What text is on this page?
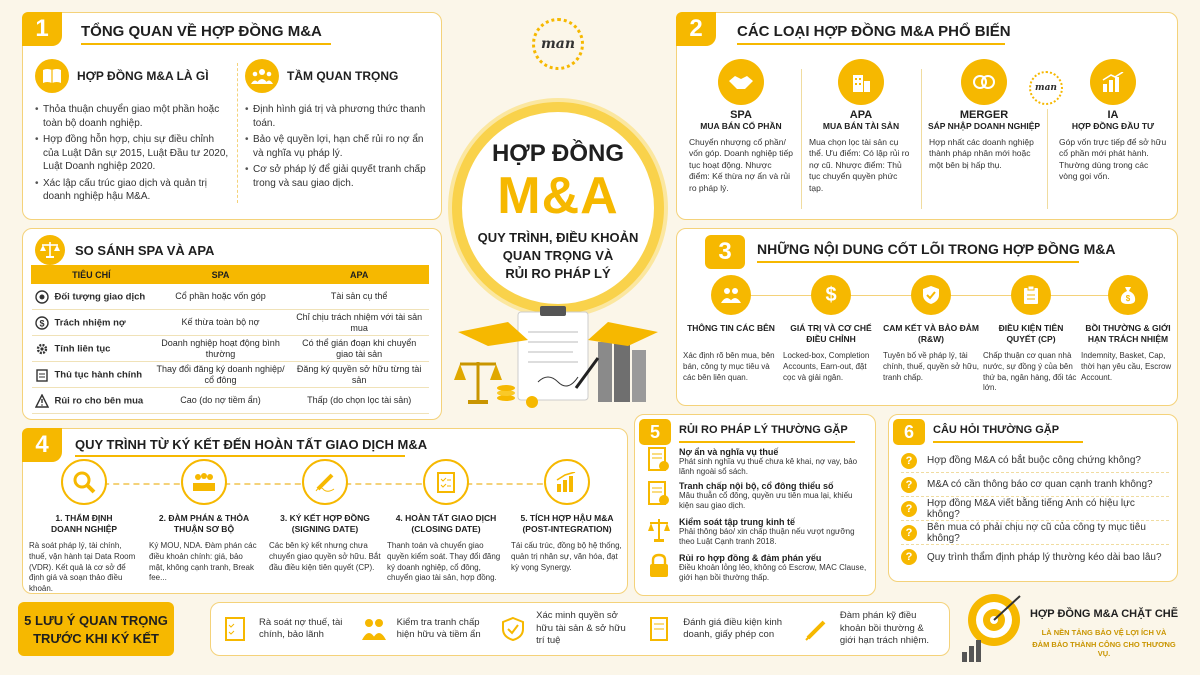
1	TỔNG QUAN VỀ HỢP ĐỒNG M&A
HỢP ĐỒNG M&A LÀ GÌ
• Thỏa thuận chuyển giao một phần hoặc toàn bộ doanh nghiệp.
• Hợp đồng hỗn hợp, chịu sự điều chỉnh của Luật Dân sự 2015, Luật Đầu tư 2020, Luật Doanh nghiệp 2020.
• Xác lập cấu trúc giao dịch và quản trị doanh nghiệp hậu M&A.
TẦM QUAN TRỌNG
• Định hình giá trị và phương thức thanh toán.
• Bảo vệ quyền lợi, hạn chế rủi ro nợ ẩn và nghĩa vụ pháp lý.
• Cơ sở pháp lý để giải quyết tranh chấp trong và sau giao dịch.
SO SÁNH SPA VÀ APA
TIÊU CHÍ	SPA	APA
Đối tượng giao dịch	Cổ phần hoặc vốn góp	Tài sản cụ thể

$ Trách nhiệm nợ	Kế thừa toàn bộ nợ	Chỉ chịu trách nhiệm với tài sản mua
Tính liên tục	Doanh nghiệp hoạt động bình thường	Có thể gián đoạn khi chuyển giao tài sản
Thủ tục hành chính	Thay đổi đăng ký doanh nghiệp/ cổ đông	Đăng ký quyền sở hữu từng tài sản
Rủi ro cho bên mua	Cao (do nợ tiềm ẩn)	Thấp (do chọn lọc tài sản)
man
HỢP ĐỒNG
M&A
QUY TRÌNH, ĐIỀU KHOẢN
QUAN TRỌNG VÀ
RỦI RO PHÁP LÝ
2	CÁC LOẠI HỢP ĐỒNG M&A PHỔ BIẾN
man
SPA
MUA BÁN CỔ PHẦN
Chuyển nhượng cổ phần/ vốn góp. Doanh nghiệp tiếp tục hoạt động. Nhược điểm: Kế thừa nợ ẩn và rủi ro pháp lý.
APA
MUA BÁN TÀI SẢN
Mua chọn lọc tài sản cụ thể. Ưu điểm: Có lập rủi ro nợ cũ. Nhược điểm: Thủ tục chuyển quyền phức tạp.
MERGER
SÁP NHẬP DOANH NGHIỆP
Hợp nhất các doanh nghiệp thành pháp nhân mới hoặc một bên bị hấp thụ.
IA
HỢP ĐỒNG ĐẦU TƯ
Góp vốn trực tiếp để sở hữu cổ phần mới phát hành. Thường dùng trong các vòng gọi vốn.
3	NHỮNG NỘI DUNG CỐT LÕI TRONG HỢP ĐỒNG M&A
THÔNG TIN CÁC BÊN
Xác định rõ bên mua, bên bán, công ty mục tiêu và các bên liên quan.
$
GIÁ TRỊ VÀ CƠ CHẾ ĐIỀU CHỈNH
Locked-box, Completion Accounts, Earn-out, đặt cọc và giải ngân.
CAM KẾT VÀ BẢO ĐẢM (R&W)
Tuyên bố về pháp lý, tài chính, thuế, quyền sở hữu, tranh chấp.
ĐIỀU KIỆN TIÊN QUYẾT (CP)
Chấp thuận cơ quan nhà nước, sự đồng ý của bên thứ ba, ngân hàng, đối tác lớn.
$
BỒI THƯỜNG & GIỚI HẠN TRÁCH NHIỆM
Indemnity, Basket, Cap, thời hạn yêu cầu, Escrow Account.
4	QUY TRÌNH TỪ KÝ KẾT ĐẾN HOÀN TẤT GIAO DỊCH M&A
1. THẨM ĐỊNH DOANH NGHIỆP
Rà soát pháp lý, tài chính, thuế, vận hành tại Data Room (VDR). Kết quả là cơ sở để định giá và soạn thảo điều khoản.
2. ĐÀM PHÁN & THỎA THUẬN SƠ BỘ
Ký MOU, NDA. Đàm phán các điều khoản chính: giá, bảo mật, không cạnh tranh, Break fee...
3. KÝ KẾT HỢP ĐỒNG (SIGNING DATE)
Các bên ký kết nhưng chưa chuyển giao quyền sở hữu. Bắt đầu điều kiện tiên quyết (CP).
4. HOÀN TẤT GIAO DỊCH (CLOSING DATE)
Thanh toán và chuyển giao quyền kiểm soát. Thay đổi đăng ký doanh nghiệp, cổ đông, chuyển giao tài sản, hợp đồng.
5. TÍCH HỢP HẬU M&A (POST-INTEGRATION)
Tái cấu trúc, đồng bộ hệ thống, quản trị nhân sự, văn hóa, đạt kỳ vọng Synergy.
5	RỦI RO PHÁP LÝ THƯỜNG GẶP
Nợ ẩn và nghĩa vụ thuế
Phát sinh nghĩa vụ thuế chưa kê khai, nợ vay, bảo lãnh ngoài sổ sách.
Tranh chấp nội bộ, cổ đông thiểu số
Mâu thuẫn cổ đông, quyền ưu tiên mua lại, khiếu kiện sau giao dịch.
Kiểm soát tập trung kinh tế
Phải thông báo/ xin chấp thuận nếu vượt ngưỡng theo Luật Cạnh tranh 2018.
Rủi ro hợp đồng & đảm phán yếu
Điều khoản lỏng lẻo, không có Escrow, MAC Clause, giới hạn bồi thường thấp.
6	CÂU HỎI THƯỜNG GẶP
?	Hợp đồng M&A có bắt buộc công chứng không?
?	M&A có cần thông báo cơ quan cạnh tranh không?
?	Hợp đồng M&A viết bằng tiếng Anh có hiệu lực không?
?	Bên mua có phải chịu nợ cũ của công ty mục tiêu không?
?	Quy trình thẩm định pháp lý thường kéo dài bao lâu?
5 LƯU Ý QUAN TRỌNG
TRƯỚC KHI KÝ KẾT
Rà soát nợ thuế, tài chính, bảo lãnh
Kiểm tra tranh chấp hiện hữu và tiềm ẩn
Xác minh quyền sở hữu tài sản & sở hữu trí tuệ
Đánh giá điều kiện kinh doanh, giấy phép con
Đàm phán kỹ điều khoản bồi thường & giới hạn trách nhiệm.
HỢP ĐỒNG M&A CHẶT CHẼ
LÀ NỀN TẢNG BẢO VỆ LỢI ÍCH VÀ
ĐẢM BẢO THÀNH CÔNG CHO THƯƠNG VỤ.
